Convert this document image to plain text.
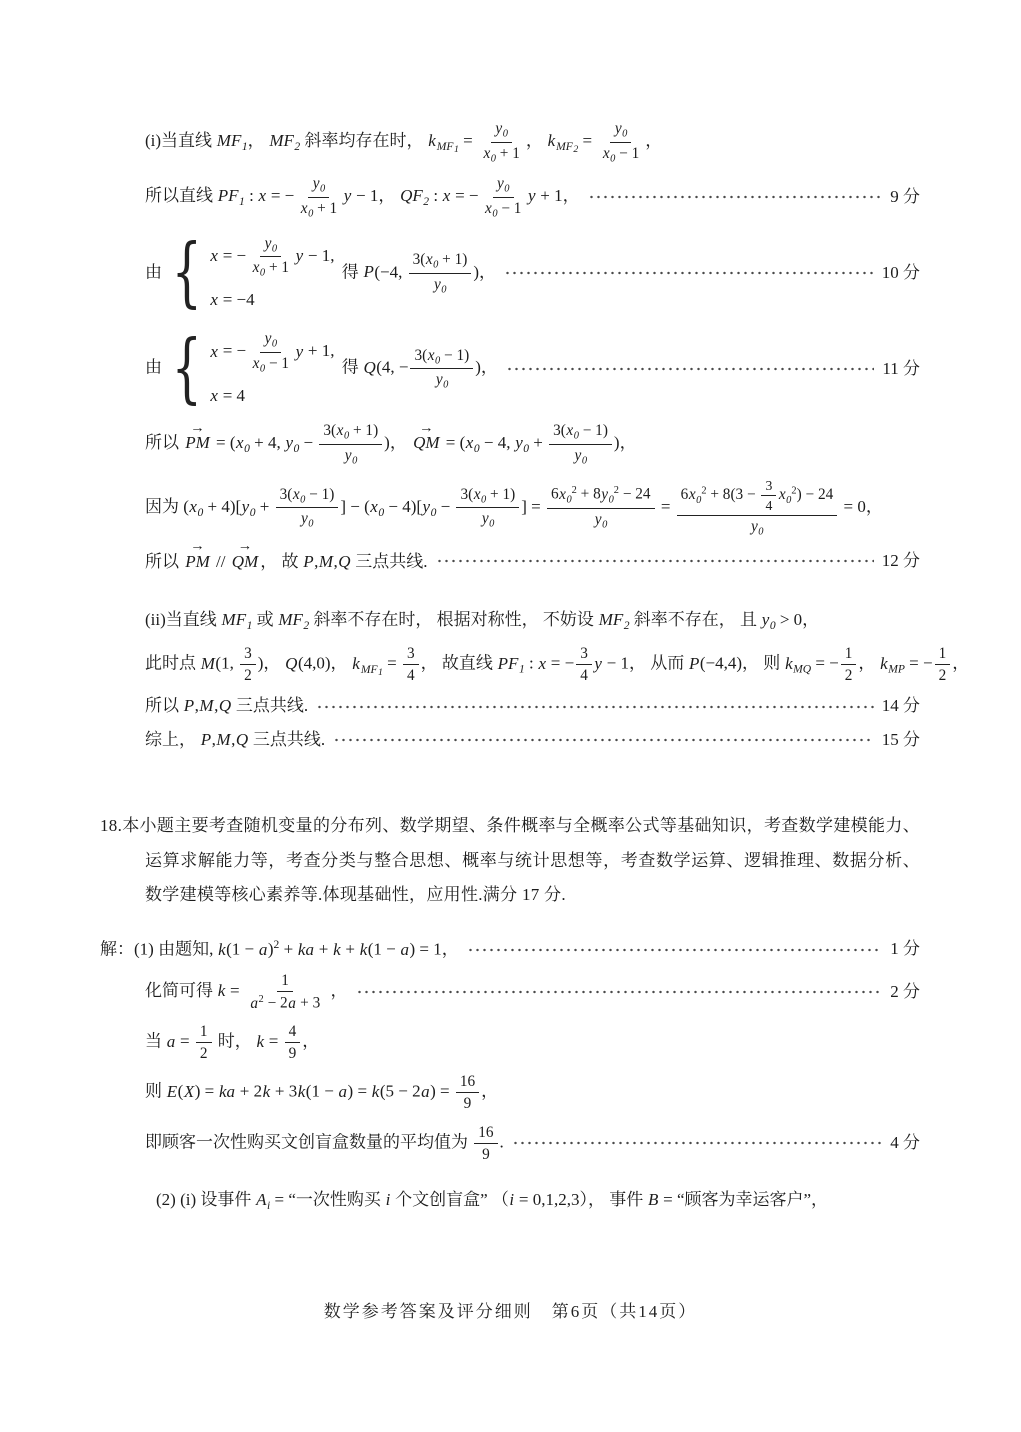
(i)当直线 $MF_1$， $MF_2$ 斜率均存在时， $k_{MF1} = \frac{y_0}{x_0 + 1}$ ， $k_{MF2} = \frac{y_0}{x_0 - 1}$ ，
所以直线 $PF_1$ : x = − $\frac{y_0}{x_0 + 1}$ y − 1， $QF_2$ : x = − $\frac{y_0}{x_0 - 1}$ y + 1，	9 分
由 { x = − $\frac{y_0}{x_0 + 1}$ y − 1,
x = −4
得 P(−4, $\frac{3(x_0 + 1)}{y_0}$ )，	10 分
由 { x = − $\frac{y_0}{x_0 - 1}$ y + 1,
x = 4
得 Q(4, − $\frac{3(x_0 - 1)}{y_0}$ )，	11 分
所以
→
PM = ($x_0 + 4$, $y_0 - \frac{3(x_0 + 1)}{y_0}$ )，
→
QM = ($x_0 - 4$, $y_0 + \frac{3(x_0 - 1)}{y_0}$ )，
因为 $(x_0 + 4)[y_0 + \frac{3(x_0 - 1)}{y_0}$ ] − $(x_0 - 4)[y_0 - \frac{3(x_0 + 1)}{y_0}$ ] = $\frac{6x_0^2 + 8y_0^2 - 24}{y_0} = \frac{6x_0^2 + 8(3 - \frac{3}{4} x_0^2) - 24}{y_0} = 0$，
所以
→
PM //
→
QM ， 故 P,M,Q 三点共线.	12 分
(ii)当直线 $MF_1$ 或 $MF_2$ 斜率不存在时， 根据对称性， 不妨设 $MF_2$ 斜率不存在， 且 $y_0 > 0$，
此时点 M(1, $\frac{3}{2}$ )， Q(4,0)， $k_{MF1} = \frac{3}{4}$ ， 故直线 $PF_1$ : x = − $\frac{3}{4}$ y − 1， 从而 P(−4,4)， 则 $k_{MQ}$ = − $\frac{1}{2}$ ， $k_{MP}$ = − $\frac{1}{2}$ ，
所以 P,M,Q 三点共线.	14 分
综上， P,M,Q 三点共线.	15 分
18.本小题主要考查随机变量的分布列、数学期望、条件概率与全概率公式等基础知识，考查数学建模能力、运算求解能力等，考查分类与整合思想、概率与统计思想等，考查数学运算、逻辑推理、数据分析、数学建模等核心素养等.体现基础性，应用性.满分 17 分.
解：(1) 由题知, $k(1 - a)^2$ + ka + k + k(1 − a) = 1，	1 分
化简可得 $k = \frac{1}{a^2 - 2a + 3}$ ，	2 分
当 $a = \frac{1}{2}$ 时， $k = \frac{4}{9}$ ，
则 E(X) = ka + $2k + 3k(1 - a) = k(5 - 2a) = \frac{16}{9}$ ，
即顾客一次性购买文创盲盒数量的平均值为 $\frac{16}{9}$ .	4 分
(2) (i) 设事件 $A_i$ = “一次性购买 i 个文创盲盒” （i = 0,1,2,3）， 事件 B = “顾客为幸运客户”，
数学参考答案及评分细则　第6页（共14页）
